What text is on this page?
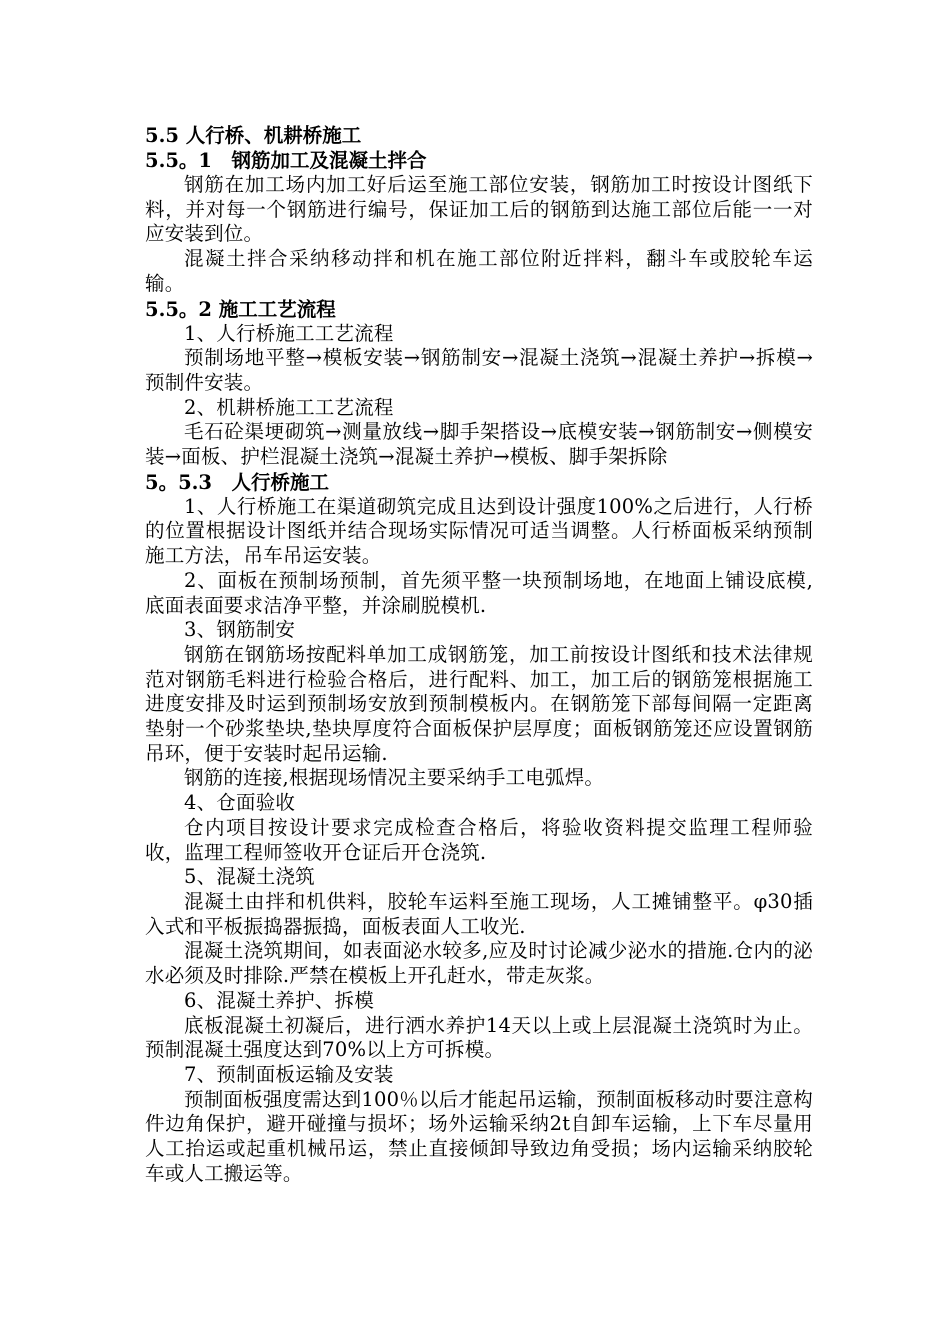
5.5 人行桥、机耕桥施工
5.5。1　钢筋加工及混凝土拌合

钢筋在加工场内加工好后运至施工部位安装，钢筋加工时按设计图纸下料，并对每一个钢筋进行编号，保证加工后的钢筋到达施工部位后能一一对应安装到位。

混凝土拌合采纳移动拌和机在施工部位附近拌料，翻斗车或胶轮车运输。

5.5。2 施工工艺流程

1、人行桥施工工艺流程

预制场地平整→模板安装→钢筋制安→混凝土浇筑→混凝土养护→拆模→预制件安装。

2、机耕桥施工工艺流程

毛石砼渠埂砌筑→测量放线→脚手架搭设→底模安装→钢筋制安→侧模安装→面板、护栏混凝土浇筑→混凝土养护→模板、脚手架拆除

5。5.3　人行桥施工

1、人行桥施工在渠道砌筑完成且达到设计强度100%之后进行，人行桥的位置根据设计图纸并结合现场实际情况可适当调整。人行桥面板采纳预制施工方法，吊车吊运安装。

2、面板在预制场预制，首先须平整一块预制场地，在地面上铺设底模,底面表面要求洁净平整，并涂刷脱模机.

3、钢筋制安

钢筋在钢筋场按配料单加工成钢筋笼，加工前按设计图纸和技术法律规范对钢筋毛料进行检验合格后，进行配料、加工，加工后的钢筋笼根据施工进度安排及时运到预制场安放到预制模板内。在钢筋笼下部每间隔一定距离垫射一个砂浆垫块,垫块厚度符合面板保护层厚度；面板钢筋笼还应设置钢筋吊环，便于安装时起吊运输.

钢筋的连接,根据现场情况主要采纳手工电弧焊。

4、仓面验收

仓内项目按设计要求完成检查合格后，将验收资料提交监理工程师验收，监理工程师签收开仓证后开仓浇筑.

5、混凝土浇筑

混凝土由拌和机供料，胶轮车运料至施工现场，人工摊铺整平。φ30插入式和平板振捣器振捣，面板表面人工收光.

混凝土浇筑期间，如表面泌水较多,应及时讨论减少泌水的措施.仓内的泌水必须及时排除.严禁在模板上开孔赶水，带走灰浆。

6、混凝土养护、拆模

底板混凝土初凝后，进行洒水养护14天以上或上层混凝土浇筑时为止。预制混凝土强度达到70%以上方可拆模。

7、预制面板运输及安装

预制面板强度需达到100％以后才能起吊运输，预制面板移动时要注意构件边角保护，避开碰撞与损坏；场外运输采纳2t自卸车运输，上下车尽量用人工抬运或起重机械吊运，禁止直接倾卸导致边角受损；场内运输采纳胶轮车或人工搬运等。
